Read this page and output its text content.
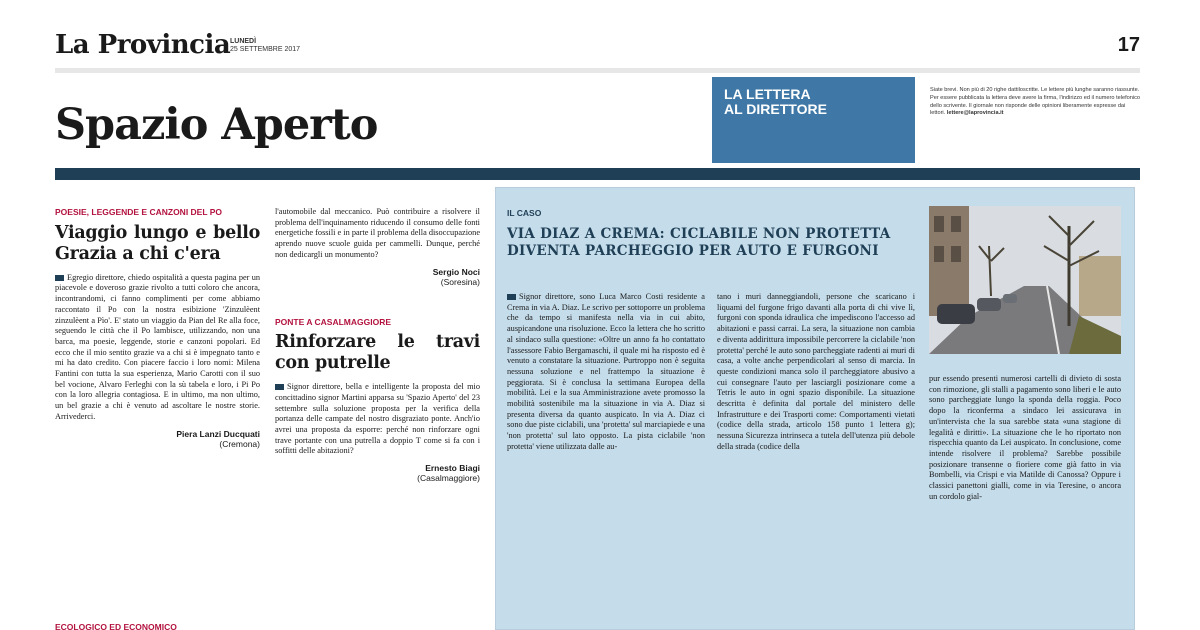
La Provincia LUNEDÌ
25 SETTEMBRE 2017	17
Spazio Aperto
LA LETTERA
AL DIRETTORE
Siate brevi. Non più di 20 righe dattiloscritte. Le lettere più lunghe saranno riassunte. Per essere pubblicata la lettera deve avere la firma, l'indirizzo ed il numero telefonico dello scrivente. Il giornale non risponde delle opinioni liberamente espresse dai lettori. lettere@laprovincia.it
POESIE, LEGGENDE E CANZONI DEL PO
Viaggio lungo e bello Grazia a chi c'era

Egregio direttore, chiedo ospitalità a questa pagina per un piacevole e doveroso grazie rivolto a tutti coloro che ancora, incontrandomi, ci fanno complimenti per come abbiamo raccontato il Po con la nostra esibizione 'Zinzulèent zinzulèent a Pìo'. E' stato un viaggio da Pian del Re alla foce, seguendo le città che il Po lambisce, utilizzando, non una barca, ma poesie, leggende, storie e canzoni popolari. Ed ecco che il mio sentito grazie va a chi si è impegnato tanto e mi ha dato credito. Con piacere faccio i loro nomi: Milena Fantini con tutta la sua esperienza, Mario Carotti con il suo bel vocione, Alvaro Ferleghi con la sù tabela e loro, i Pi Po con la loro allegria contagiosa. E in ultimo, ma non ultimo, un bel grazie a chi è venuto ad ascoltare le nostre storie. Arrivederci.

Piera Lanzi Ducquati
(Cremona)

l'automobile dal meccanico. Può contribuire a risolvere il problema dell'inquinamento riducendo il consumo delle fonti energetiche fossili e in parte il problema della disoccupazione aprendo nuove scuole guida per cammelli. Dunque, perché non dedicargli un monumento?

Sergio Noci
(Soresina)
PONTE A CASALMAGGIORE
Rinforzare le travi con putrelle

Signor direttore, bella e intelligente la proposta del mio concittadino signor Martini apparsa su 'Spazio Aperto' del 23 settembre sulla soluzione proposta per la verifica della portanza delle campate del nostro disgraziato ponte. Anch'io avrei una proposta da esporre: perché non rinforzare ogni trave portante con una putrella a doppio T come si fa con i soffitti delle abitazioni?

Ernesto Biagi
(Casalmaggiore)
ECOLOGICO ED ECONOMICO
IL CASO
VIA DIAZ A CREMA: CICLABILE NON PROTETTA DIVENTA PARCHEGGIO PER AUTO E FURGONI

Signor direttore, sono Luca Marco Costi residente a Crema in via A. Diaz. Le scrivo per sottoporre un problema che da tempo si manifesta nella via in cui abito, auspicandone una risoluzione. Ecco la lettera che ho scritto al sindaco sulla questione: «Oltre un anno fa ho contattato l'assessore Fabio Bergamaschi, il quale mi ha risposto ed è venuto a constatare la situazione. Purtroppo non è seguita nessuna soluzione e nel frattempo la situazione è peggiorata. Si è conclusa la settimana Europea della mobilità. Lei e la sua Amministrazione avete promosso la mobilità sostenibile ma la situazione in via A. Diaz si presenta diversa da quanto auspicato. In via A. Diaz ci sono due piste ciclabili, una 'protetta' sul marciapiede e una 'non protetta' sul lato opposto. La pista ciclabile 'non protetta' viene utilizzata dalle au-

tano i muri danneggiandoli, persone che scaricano i liquami del furgone frigo davanti alla porta di chi vive lì, furgoni con sponda idraulica che impediscono l'accesso ad abitazioni e passi carrai. La sera, la situazione non cambia e diventa addirittura impossibile percorrere la ciclabile 'non protetta' perché le auto sono parcheggiate radenti ai muri di casa, a volte anche perpendicolari al senso di marcia. In queste condizioni manca solo il parcheggiatore abusivo a cui consegnare l'auto per lasciargli posizionare come a Tetris le auto in ogni spazio disponibile. La situazione descritta è definita dal portale del ministero delle Infrastrutture e dei Trasporti come: Comportamenti vietati (codice della strada, articolo 158 punto 1 lettera g); nessuna Sicurezza intrinseca a tutela dell'utenza più debole della strada (codice della

pur essendo presenti numerosi cartelli di divieto di sosta con rimozione, gli stalli a pagamento sono liberi e le auto sono parcheggiate lungo la sponda della roggia. Poco dopo la riconferma a sindaco lei assicurava in un'intervista che la sua sarebbe stata «una stagione di legalità e diritti». La situazione che le ho riportato non rispecchia quanto da Lei auspicato. In conclusione, come intende risolvere il problema? Sarebbe possibile posizionare transenne o fioriere come già fatto in via Bombelli, via Crispi e via Matilde di Canossa? Oppure i classici panettoni gialli, come in via Teresine, o ancora un cordolo gial-
